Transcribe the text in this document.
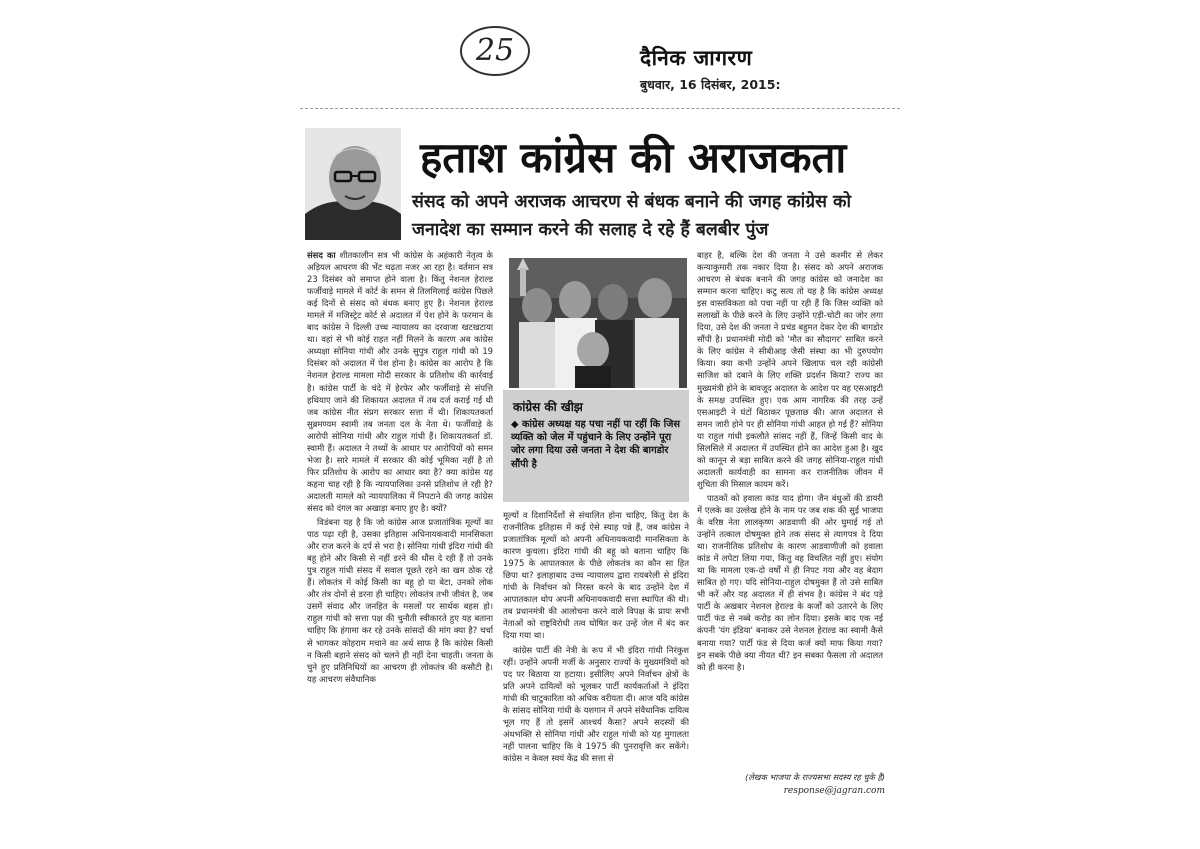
25	दैनिक जागरण
बुधवार, 16 दिसंबर, 2015:
हताश कांग्रेस की अराजकता
संसद को अपने अराजक आचरण से बंधक बनाने की जगह कांग्रेस को जनादेश का सम्मान करने की सलाह दे रहे हैं बलबीर पुंज

संसद का शीतकालीन सत्र भी कांग्रेस के अहंकारी नेतृत्व के अड़ियल आचरण की भेंट चढ़ता नजर आ रहा है। वर्तमान सत्र 23 दिसंबर को समाप्त होने वाला है। किंतु नेशनल हेराल्ड फर्जीवाड़े मामले में कोर्ट के समन से तिलमिलाई कांग्रेस पिछले कई दिनों से संसद को बंधक बनाए हुए है। नेशनल हेराल्ड मामले में मजिस्ट्रेट कोर्ट से अदालत में पेश होने के फरमान के बाद कांग्रेस ने दिल्ली उच्च न्यायालय का दरवाजा खटखटाया था। वहां से भी कोई राहत नहीं मिलने के कारण अब कांग्रेस अध्यक्षा सोनिया गांधी और उनके सुपुत्र राहुल गांधी को 19 दिसंबर को अदालत में पेश होना है। कांग्रेस का आरोप है कि नेशनल हेराल्ड मामला मोदी सरकार के प्रतिशोध की कार्रवाई है। कांग्रेस पार्टी के चंदे में हेरफेर और फर्जीवाड़े से संपत्ति हथियाए जाने की शिकायत अदालत में तब दर्ज कराई गई थी जब कांग्रेस नीत संप्रग सरकार सत्ता में थी। शिकायतकर्ता सुब्रमण्यम स्वामी तब जनता दल के नेता थे। फर्जीवाड़े के आरोपी सोनिया गांधी और राहुल गांधी हैं। शिकायतकर्ता डॉ. स्वामी हैं। अदालत ने तथ्यों के आधार पर आरोपियों को समन भेजा है। सारे मामले में सरकार की कोई भूमिका नहीं है तो फिर प्रतिशोध के आरोप का आधार क्या है? क्या कांग्रेस यह कहना चाह रही है कि न्यायपालिका उनसे प्रतिशोध ले रही है? अदालती मामले को न्यायपालिका में निपटाने की जगह कांग्रेस संसद को दंगल का अखाड़ा बनाए हुए है। क्यों?

विडंबना यह है कि जो कांग्रेस आज प्रजातांत्रिक मूल्यों का पाठ पढ़ा रही है, उसका इतिहास अधिनायकवादी मानसिकता और राज करने के दर्प से भरा है। सोनिया गांधी इंदिरा गांधी की बहू होने और किसी से नहीं डरने की धौंस दे रही हैं तो उनके पुत्र राहुल गांधी संसद में सवाल पूछते रहने का खम ठोक रहे हैं। लोकतंत्र में कोई किसी का बहू हो या बेटा, उनको लोक और तंत्र दोनों से डरना ही चाहिए। लोकतंत्र तभी जीवंत है, जब उसमें संवाद और जनहित के मसलों पर सार्थक बहस हो। राहुल गांधी को सत्ता पक्ष की चुनौती स्वीकारते हुए यह बताना चाहिए कि हंगामा कर रहे उनके सांसदों की मांग क्या है? चर्चा से भागकर कोहराम मचाने का अर्थ साफ है कि कांग्रेस किसी न किसी बहाने संसद को चलने ही नहीं देना चाहती। जनता के चुने हुए प्रतिनिधियों का आचरण ही लोकतंत्र की कसौटी है। यह आचरण संवैधानिक

कांग्रेस की खीझ
◆ कांग्रेस अध्यक्ष यह पचा नहीं पा रहीं कि जिस व्यक्ति को जेल में पहुंचाने के लिए उन्होंने पूरा जोर लगा दिया उसे जनता ने देश की बागडोर सौंपी है

मूल्यों व दिशानिर्देशों से संचालित होना चाहिए, किंतु देश के राजनीतिक इतिहास में कई ऐसे स्याह पन्ने हैं, जब कांग्रेस ने प्रजातांत्रिक मूल्यों को अपनी अधिनायकवादी मानसिकता के कारण कुचला। इंदिरा गांधी की बहू को बताना चाहिए कि 1975 के आपातकाल के पीछे लोकतंत्र का कौन सा हित छिपा था? इलाहाबाद उच्च न्यायालय द्वारा रायबरेली से इंदिरा गांधी के निर्वाचन को निरस्त करने के बाद उन्होंने देश में आपातकाल थोप अपनी अधिनायकवादी सत्ता स्थापित की थी। तब प्रधानमंत्री की आलोचना करने वाले विपक्ष के प्रायः सभी नेताओं को राष्ट्रविरोधी तत्व घोषित कर उन्हें जेल में बंद कर दिया गया था।

कांग्रेस पार्टी की नेत्री के रूप में भी इंदिरा गांधी निरंकुश रहीं। उन्होंने अपनी मर्जी के अनुसार राज्यों के मुख्यमंत्रियों को पद पर बिठाया या हटाया। इसीलिए अपने निर्वाचन क्षेत्रों के प्रति अपने दायित्वों को भूलकर पार्टी कार्यकर्ताओं ने इंदिरा गांधी की चाटुकारिता को अधिक वरीयता दी। आज यदि कांग्रेस के सांसद सोनिया गांधी के यशगान में अपने संवैधानिक दायित्व भूल गए हैं तो इसमें आश्चर्य कैसा? अपने सदस्यों की अंधभक्ति से सोनिया गांधी और राहुल गांधी को यह मुगालता नहीं पालना चाहिए कि वे 1975 की पुनरावृत्ति कर सकेंगे। कांग्रेस न केवल स्वयं केंद्र की सत्ता से

बाहर है, बल्कि देश की जनता ने उसे कश्मीर से लेकर कन्याकुमारी तक नकार दिया है। संसद को अपने अराजक आचरण से बंधक बनाने की जगह कांग्रेस को जनादेश का सम्मान करना चाहिए। कटु सत्य तो यह है कि कांग्रेस अध्यक्ष इस वास्तविकता को पचा नहीं पा रही हैं कि जिस व्यक्ति को सलाखों के पीछे करने के लिए उन्होंने एड़ी-चोटी का जोर लगा दिया, उसे देश की जनता ने प्रचंड बहुमत देकर देश की बागडोर सौंपी है। प्रधानमंत्री मोदी को 'मौत का सौदागर' साबित करने के लिए कांग्रेस ने सीबीआइ जैसी संस्था का भी दुरुपयोग किया। क्या कभी उन्होंने अपने खिलाफ चल रही कांग्रेसी साजिश को दबाने के लिए शक्ति प्रदर्शन किया? राज्य का मुख्यमंत्री होने के बावजूद अदालत के आदेश पर वह एसआइटी के समक्ष उपस्थित हुए। एक आम नागरिक की तरह उन्हें एसआइटी ने घंटों बिठाकर पूछताछ की। आज अदालत से समन जारी होने पर ही सोनिया गांधी आहत हो गई हैं? सोनिया या राहुल गांधी इकलौते सांसद नहीं हैं, जिन्हें किसी वाद के सिलसिले में अदालत में उपस्थित होने का आदेश हुआ है। खुद को कानून से बड़ा साबित करने की जगह सोनिया-राहुल गांधी अदालती कार्यवाही का सामना कर राजनीतिक जीवन में शुचिता की मिसाल कायम करें।

पाठकों को हवाला कांड याद होगा। जैन बंधुओं की डायरी में एलके का उल्लेख होने के नाम पर जब शक की सुई भाजपा के वरिष्ठ नेता लालकृष्ण आडवाणी की ओर घुमाई गई तो उन्होंने तत्काल दोषमुक्त होने तक संसद से त्यागपत्र दे दिया था। राजनीतिक प्रतिशोध के कारण आडवाणीजी को हवाला कांड में लपेटा लिया गया, किंतु वह विचलित नहीं हुए। संयोग था कि मामला एक-दो वर्षों में ही निपट गया और वह बेदाग साबित हो गए। यदि सोनिया-राहुल दोषमुक्त हैं तो उसे साबित भी करें और यह अदालत में ही संभव है। कांग्रेस ने बंद पड़े पार्टी के अखबार नेशनल हेराल्ड के कर्जों को उतारने के लिए पार्टी फंड से नब्बे करोड़ का लोन दिया। इसके बाद एक नई कंपनी 'यंग इंडिया' बनाकर उसे नेशनल हेराल्ड का स्वामी कैसे बनाया गया? पार्टी फंड से दिया कर्ज क्यों माफ किया गया? इन सबके पीछे क्या नीयत थी? इन सबका फैसला तो अदालत को ही करना है।

(लेखक भाजपा के राज्यसभा सदस्य रह चुके हैं)
response@jagran.com
